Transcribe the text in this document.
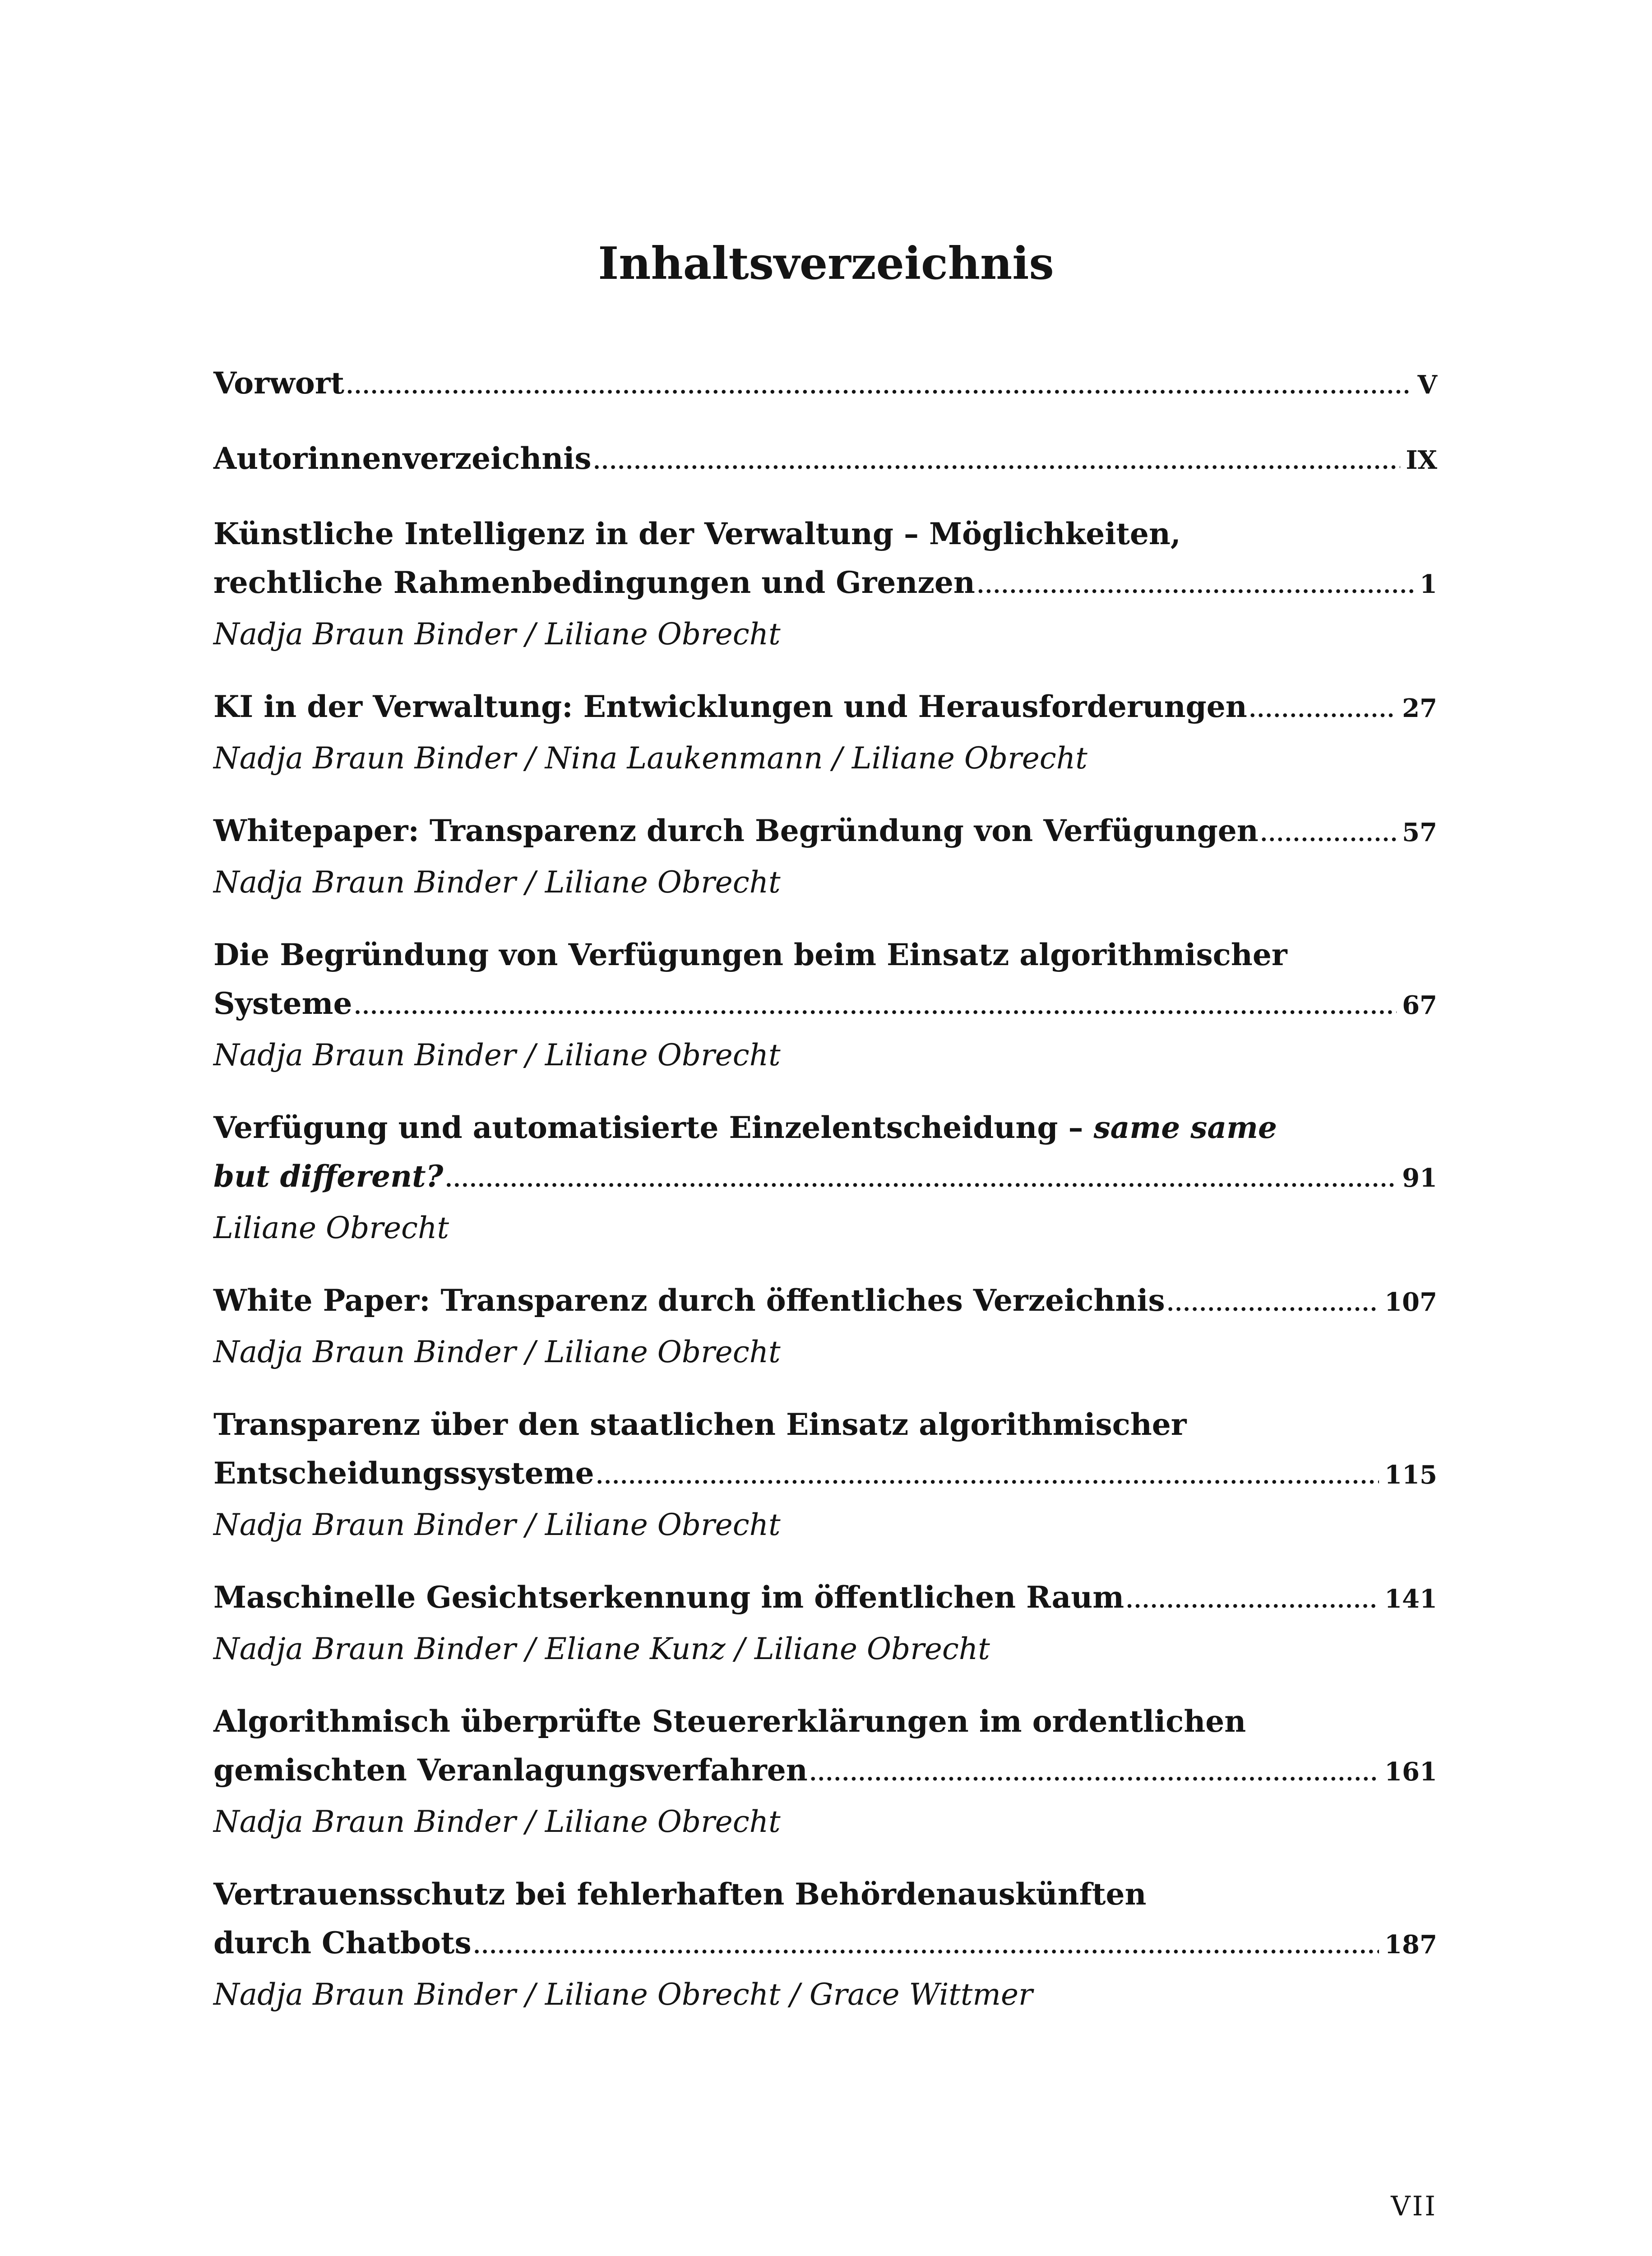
Inhaltsverzeichnis
Vorwort .....	V
Autorinnenverzeichnis .....	IX
Künstliche Intelligenz in der Verwaltung – Möglichkeiten,
rechtliche Rahmenbedingungen und Grenzen .....	1
Nadja Braun Binder / Liliane Obrecht
KI in der Verwaltung: Entwicklungen und Herausforderungen .....	27
Nadja Braun Binder / Nina Laukenmann / Liliane Obrecht
Whitepaper: Transparenz durch Begründung von Verfügungen .....	57
Nadja Braun Binder / Liliane Obrecht
Die Begründung von Verfügungen beim Einsatz algorithmischer
Systeme .....	67
Nadja Braun Binder / Liliane Obrecht
Verfügung und automatisierte Einzelentscheidung – same same
but different? .....	91
Liliane Obrecht
White Paper: Transparenz durch öffentliches Verzeichnis .....	107
Nadja Braun Binder / Liliane Obrecht
Transparenz über den staatlichen Einsatz algorithmischer
Entscheidungssysteme .....	115
Nadja Braun Binder / Liliane Obrecht
Maschinelle Gesichtserkennung im öffentlichen Raum .....	141
Nadja Braun Binder / Eliane Kunz / Liliane Obrecht
Algorithmisch überprüfte Steuererklärungen im ordentlichen
gemischten Veranlagungsverfahren .....	161
Nadja Braun Binder / Liliane Obrecht
Vertrauensschutz bei fehlerhaften Behördenauskünften
durch Chatbots .....	187
Nadja Braun Binder / Liliane Obrecht / Grace Wittmer
VII
